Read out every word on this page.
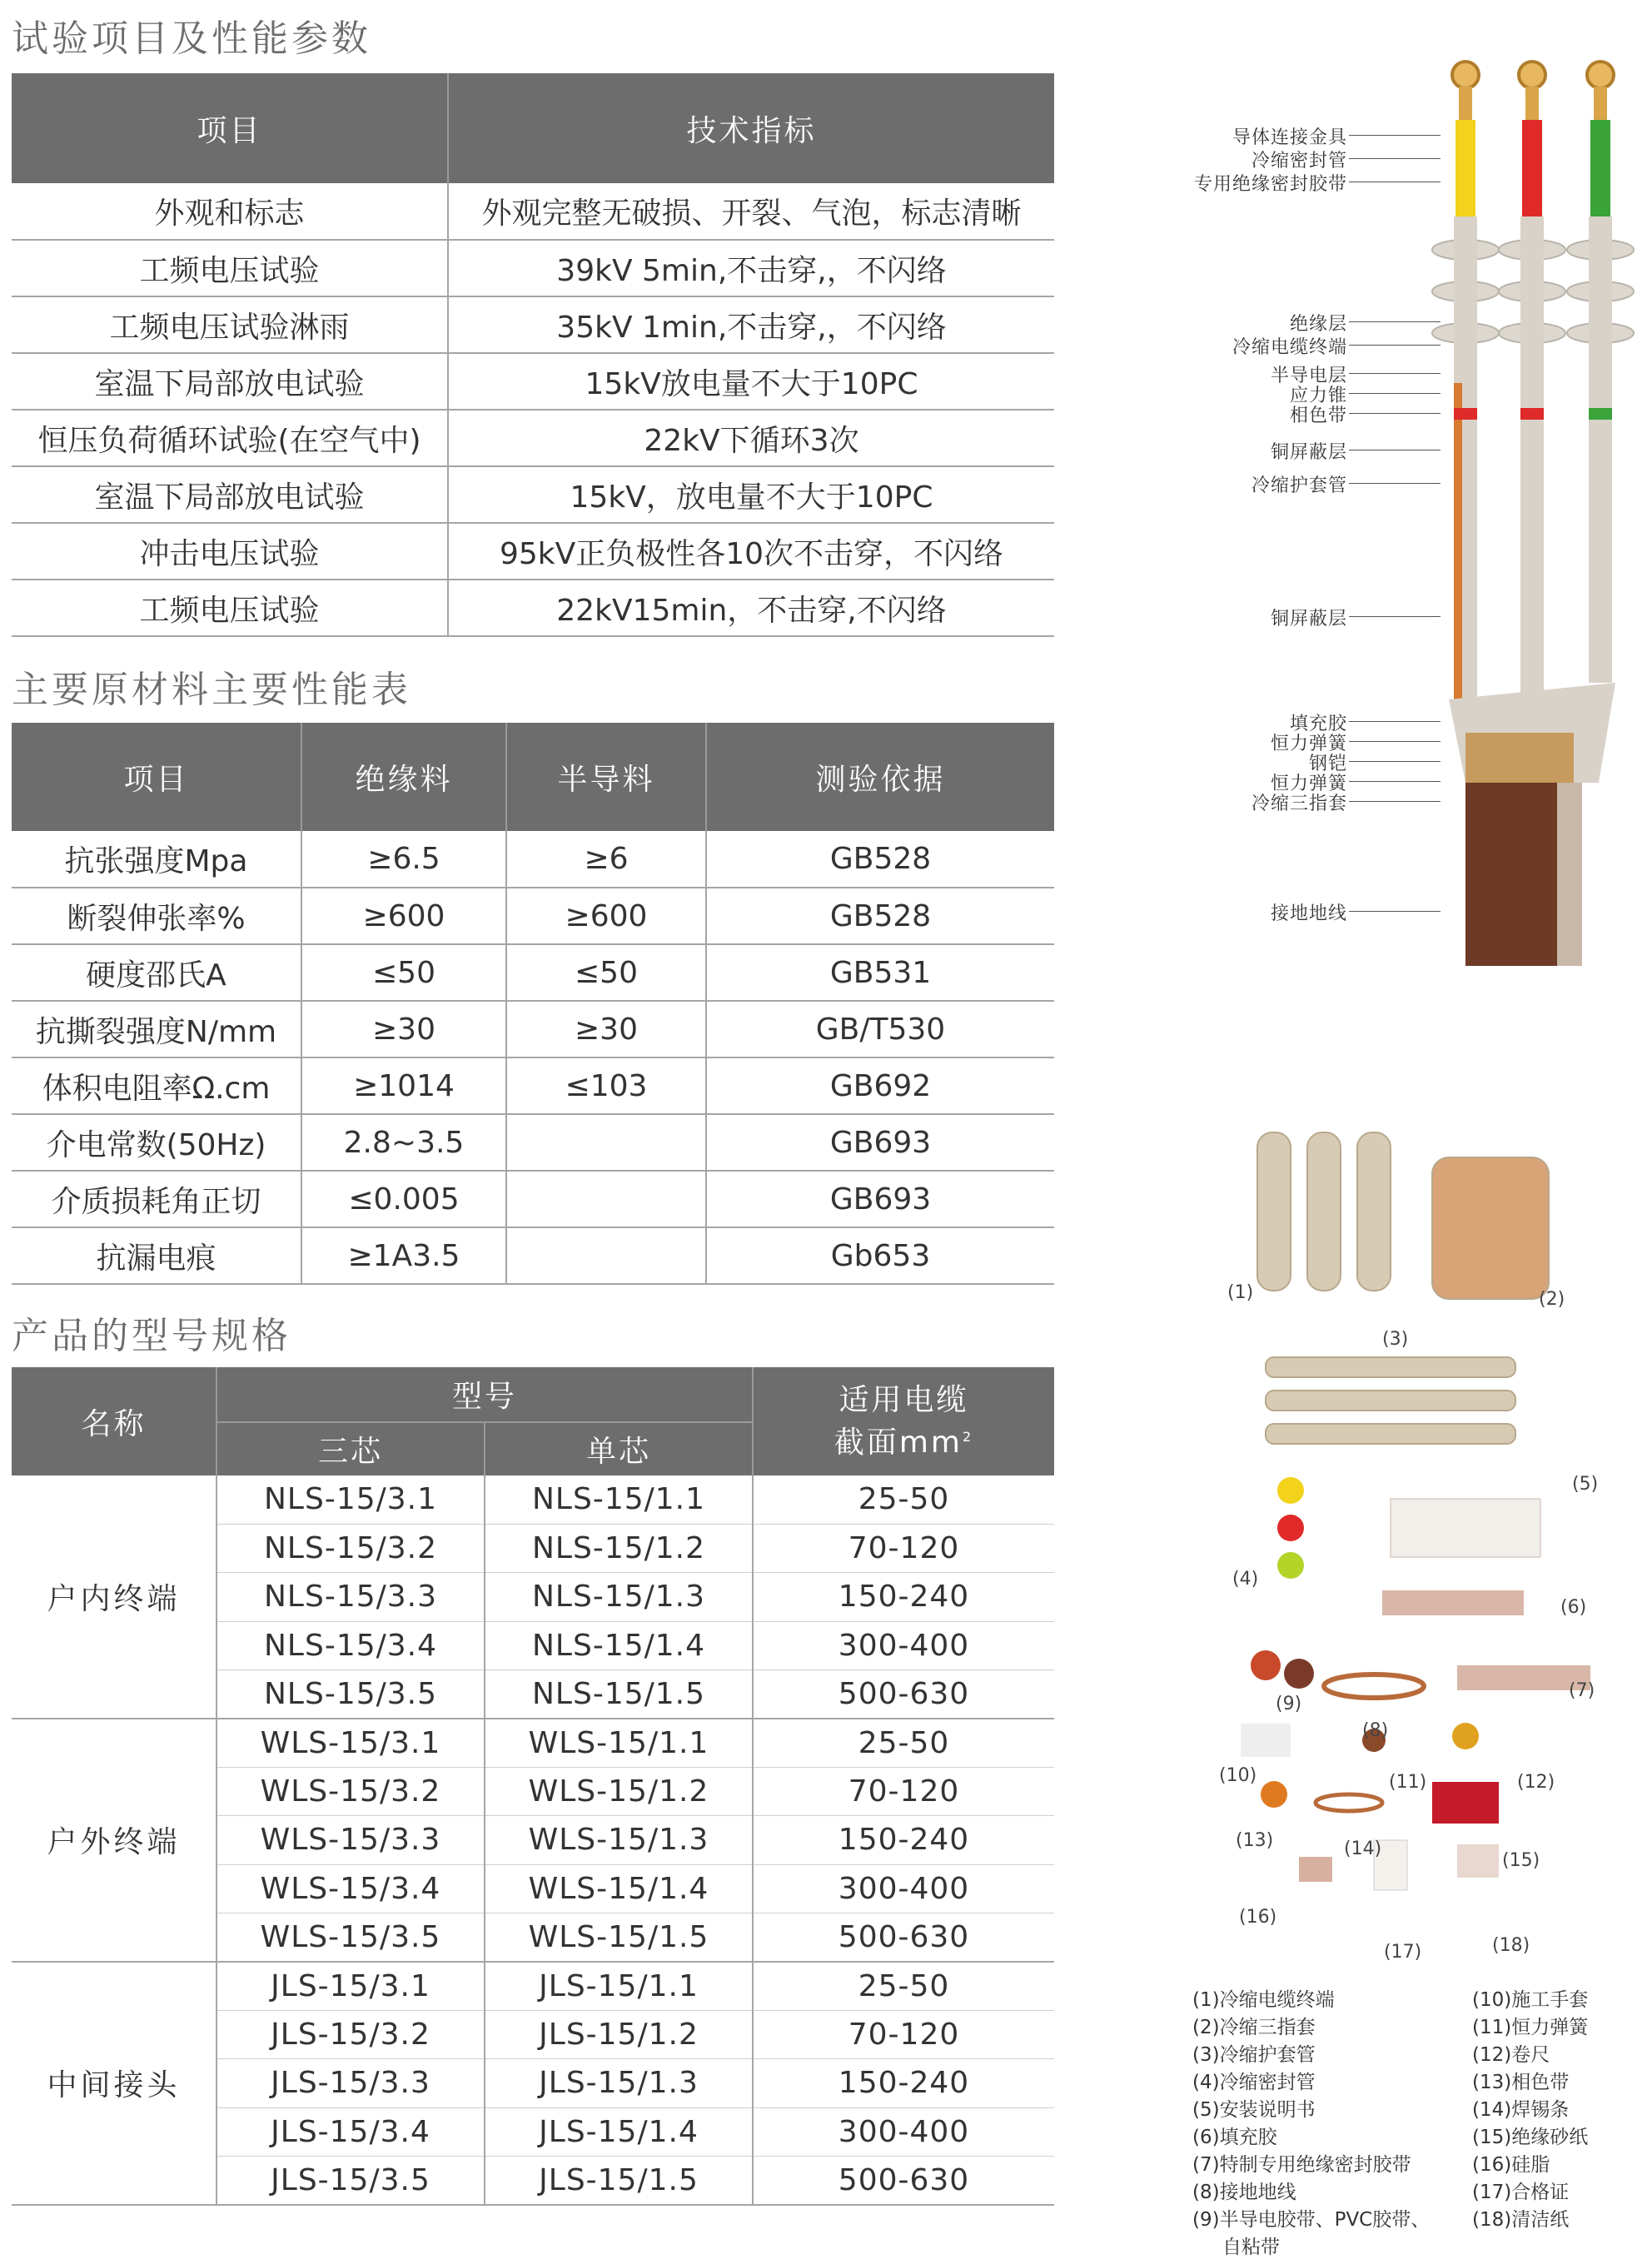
试验项目及性能参数
项目	技术指标
外观和标志	外观完整无破损、开裂、气泡，标志清晰
工频电压试验	39kV 5min,不击穿,，不闪络
工频电压试验淋雨	35kV 1min,不击穿,，不闪络
室温下局部放电试验	15kV放电量不大于10PC
恒压负荷循环试验(在空气中)	22kV下循环3次
室温下局部放电试验	15kV，放电量不大于10PC
冲击电压试验	95kV正负极性各10次不击穿，不闪络
工频电压试验	22kV15min，不击穿,不闪络
主要原材料主要性能表
项目	绝缘料	半导料	测验依据
抗张强度Mpa	≥6.5	≥6	GB528
断裂伸张率%	≥600	≥600	GB528
硬度邵氏A	≤50	≤50	GB531
抗撕裂强度N/mm	≥30	≥30	GB/T530
体积电阻率Ω.cm	≥1014	≤103	GB692
介电常数(50Hz)	2.8~3.5		GB693
介质损耗角正切	≤0.005		GB693
抗漏电痕	≥1A3.5		Gb653
产品的型号规格
名称	型号		适用电缆
截面$mm^2$
	三芯	单芯	
户内终端	NLS-15/3.1	NLS-15/1.1	25-50
	NLS-15/3.2	NLS-15/1.2	70-120
	NLS-15/3.3	NLS-15/1.3	150-240
	NLS-15/3.4	NLS-15/1.4	300-400
	NLS-15/3.5	NLS-15/1.5	500-630
户外终端	WLS-15/3.1	WLS-15/1.1	25-50
	WLS-15/3.2	WLS-15/1.2	70-120
	WLS-15/3.3	WLS-15/1.3	150-240
	WLS-15/3.4	WLS-15/1.4	300-400
	WLS-15/3.5	WLS-15/1.5	500-630
中间接头	JLS-15/3.1	JLS-15/1.1	25-50
	JLS-15/3.2	JLS-15/1.2	70-120
	JLS-15/3.3	JLS-15/1.3	150-240
	JLS-15/3.4	JLS-15/1.4	300-400
	JLS-15/3.5	JLS-15/1.5	500-630
导体连接金具
冷缩密封管
专用绝缘密封胶带
绝缘层
冷缩电缆终端
半导电层
应力锥
相色带
铜屏蔽层
冷缩护套管
铜屏蔽层
填充胶
恒力弹簧
钢铠
恒力弹簧
冷缩三指套
接地地线
(1)	(2)
(3)
(5)
(4)
(6)
(7)
(9)
(8)
(10)	(11)	(12)
(13)	(14)
(15)
(16)
(17)	(18)
(1)冷缩电缆终端
(2)冷缩三指套
(3)冷缩护套管
(4)冷缩密封管
(5)安装说明书
(6)填充胶
(7)特制专用绝缘密封胶带
(8)接地地线
(9)半导电胶带、PVC胶带、
自粘带
(10)施工手套
(11)恒力弹簧
(12)卷尺
(13)相色带
(14)焊锡条
(15)绝缘砂纸
(16)硅脂
(17)合格证
(18)清洁纸
